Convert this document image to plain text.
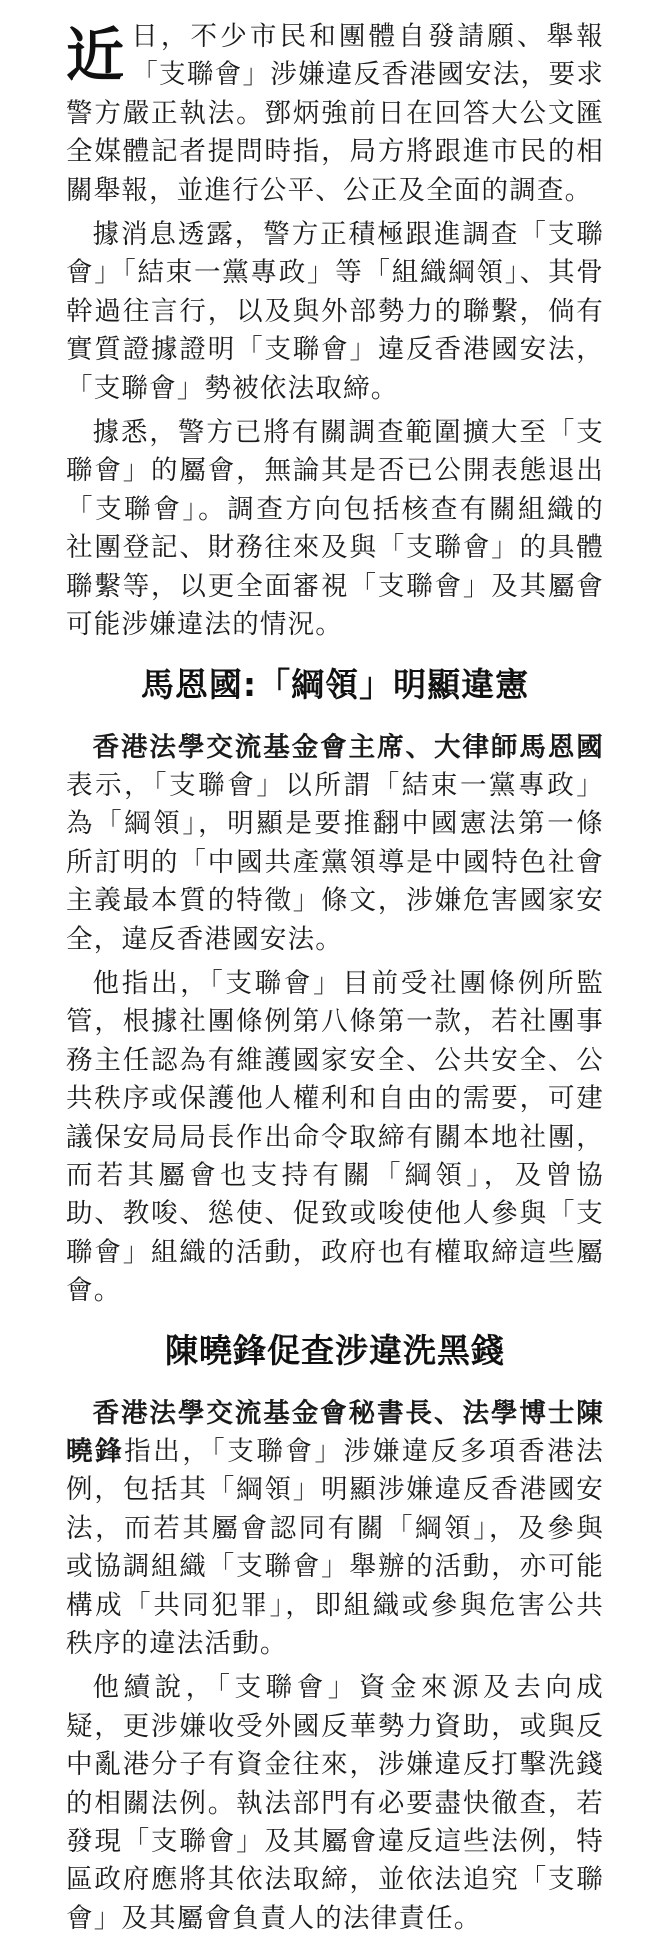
近日，不少市民和團體自發請願、舉報「支聯會」涉嫌違反香港國安法，要求警方嚴正執法。鄧炳強前日在回答大公文匯全媒體記者提問時指，局方將跟進市民的相關舉報，並進行公平、公正及全面的調查。

據消息透露，警方正積極跟進調查「支聯會」「結束一黨專政」等「組織綱領」、其骨幹過往言行，以及與外部勢力的聯繫，倘有實質證據證明「支聯會」違反香港國安法，「支聯會」勢被依法取締。

據悉，警方已將有關調查範圍擴大至「支聯會」的屬會，無論其是否已公開表態退出「支聯會」。調查方向包括核查有關組織的社團登記、財務往來及與「支聯會」的具體聯繫等，以更全面審視「支聯會」及其屬會可能涉嫌違法的情況。

馬恩國:「綱領」明顯違憲

香港法學交流基金會主席、大律師馬恩國表示，「支聯會」以所謂「結束一黨專政」為「綱領」，明顯是要推翻中國憲法第一條所訂明的「中國共產黨領導是中國特色社會主義最本質的特徵」條文，涉嫌危害國家安全，違反香港國安法。

他指出，「支聯會」目前受社團條例所監管，根據社團條例第八條第一款，若社團事務主任認為有維護國家安全、公共安全、公共秩序或保護他人權利和自由的需要，可建議保安局局長作出命令取締有關本地社團，而若其屬會也支持有關「綱領」，及曾協助、教唆、慫使、促致或唆使他人參與「支聯會」組織的活動，政府也有權取締這些屬會。

陳曉鋒促查涉違洗黑錢

香港法學交流基金會秘書長、法學博士陳曉鋒指出，「支聯會」涉嫌違反多項香港法例，包括其「綱領」明顯涉嫌違反香港國安法，而若其屬會認同有關「綱領」，及參與或協調組織「支聯會」舉辦的活動，亦可能構成「共同犯罪」，即組織或參與危害公共秩序的違法活動。

他續說，「支聯會」資金來源及去向成疑，更涉嫌收受外國反華勢力資助，或與反中亂港分子有資金往來，涉嫌違反打擊洗錢的相關法例。執法部門有必要盡快徹查，若發現「支聯會」及其屬會違反這些法例，特區政府應將其依法取締，並依法追究「支聯會」及其屬會負責人的法律責任。
